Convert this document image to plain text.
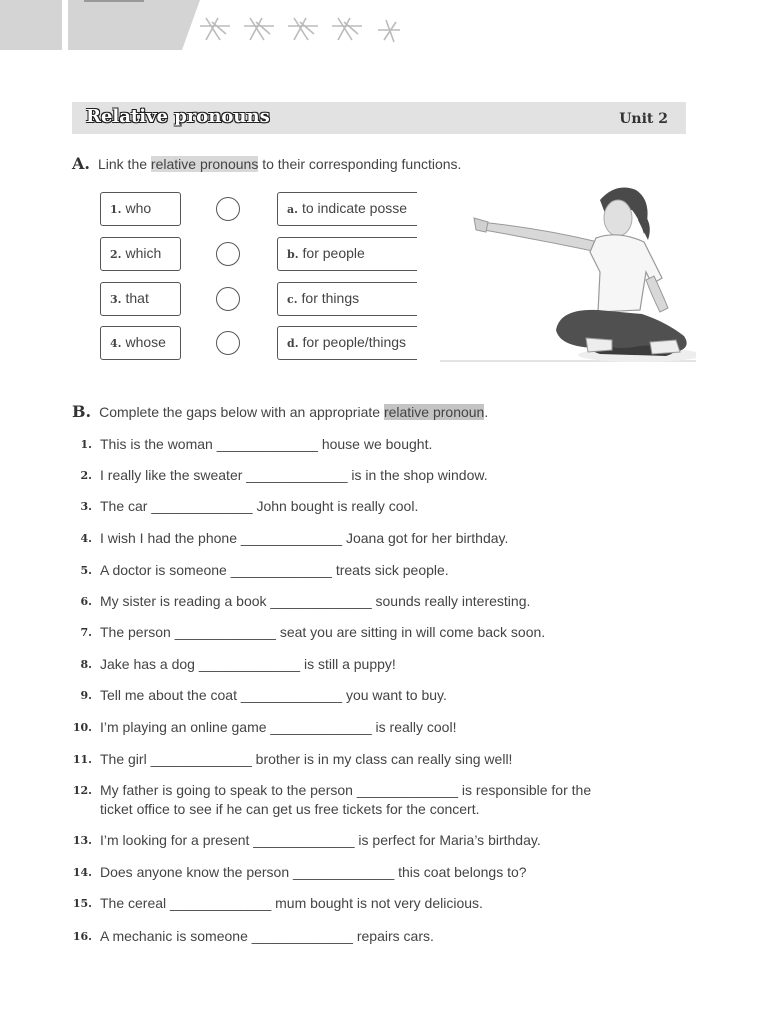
Relative pronouns	Unit 2
A. Link the relative pronouns to their corresponding functions.
1. who
2. which
3. that
4. whose
a. to indicate posse
b. for people
c. for things
d. for people/things
B. Complete the gaps below with an appropriate relative pronoun.
1. This is the woman _____________ house we bought.
2. I really like the sweater _____________ is in the shop window.
3. The car _____________ John bought is really cool.
4. I wish I had the phone _____________ Joana got for her birthday.
5. A doctor is someone _____________ treats sick people.
6. My sister is reading a book _____________ sounds really interesting.
7. The person _____________ seat you are sitting in will come back soon.
8. Jake has a dog _____________ is still a puppy!
9. Tell me about the coat _____________ you want to buy.
10. I’m playing an online game _____________ is really cool!
11. The girl _____________ brother is in my class can really sing well!
12. My father is going to speak to the person _____________ is responsible for the
ticket office to see if he can get us free tickets for the concert.
13. I’m looking for a present _____________ is perfect for Maria’s birthday.
14. Does anyone know the person _____________ this coat belongs to?
15. The cereal _____________ mum bought is not very delicious.
16. A mechanic is someone _____________ repairs cars.
